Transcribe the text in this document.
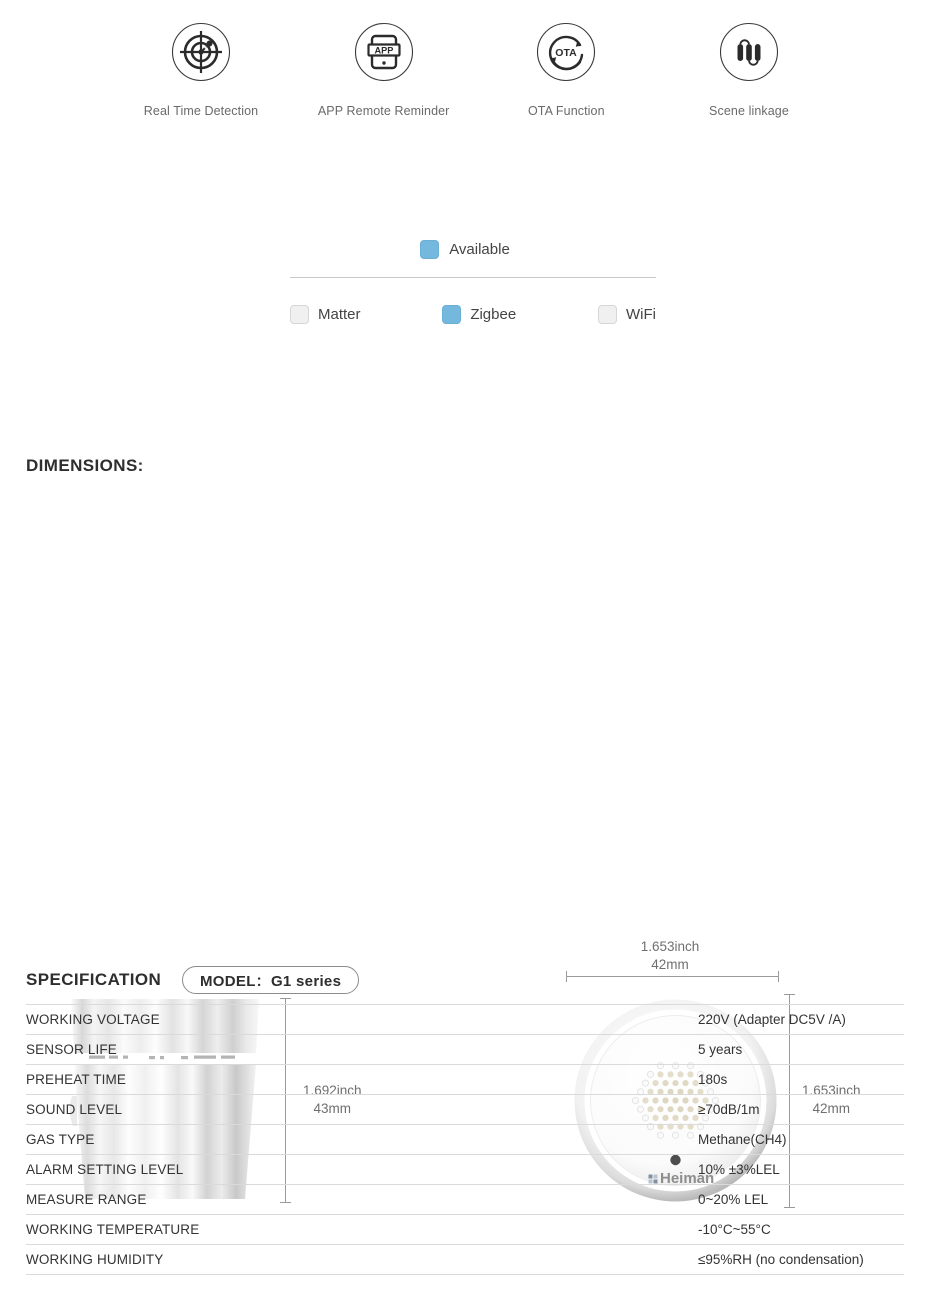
Real Time Detection
APP
APP Remote Reminder
OTA
OTA Function	Scene linkage
Available
Matter	Zigbee	WiFi
DIMENSIONS:
1.692inch
43mm
Heiman
1.653inch
42mm
1.653inch
42mm
SPECIFICATION	MODEL：G1 series
WORKING VOLTAGE	220V (Adapter DC5V /A)
SENSOR LIFE	5 years
PREHEAT TIME	180s
SOUND LEVEL	≥70dB/1m
GAS TYPE	Methane(CH4)
ALARM SETTING LEVEL	10% ±3%LEL
MEASURE RANGE	0~20% LEL
WORKING TEMPERATURE	-10°C~55°C
WORKING HUMIDITY	≤95%RH (no condensation)
